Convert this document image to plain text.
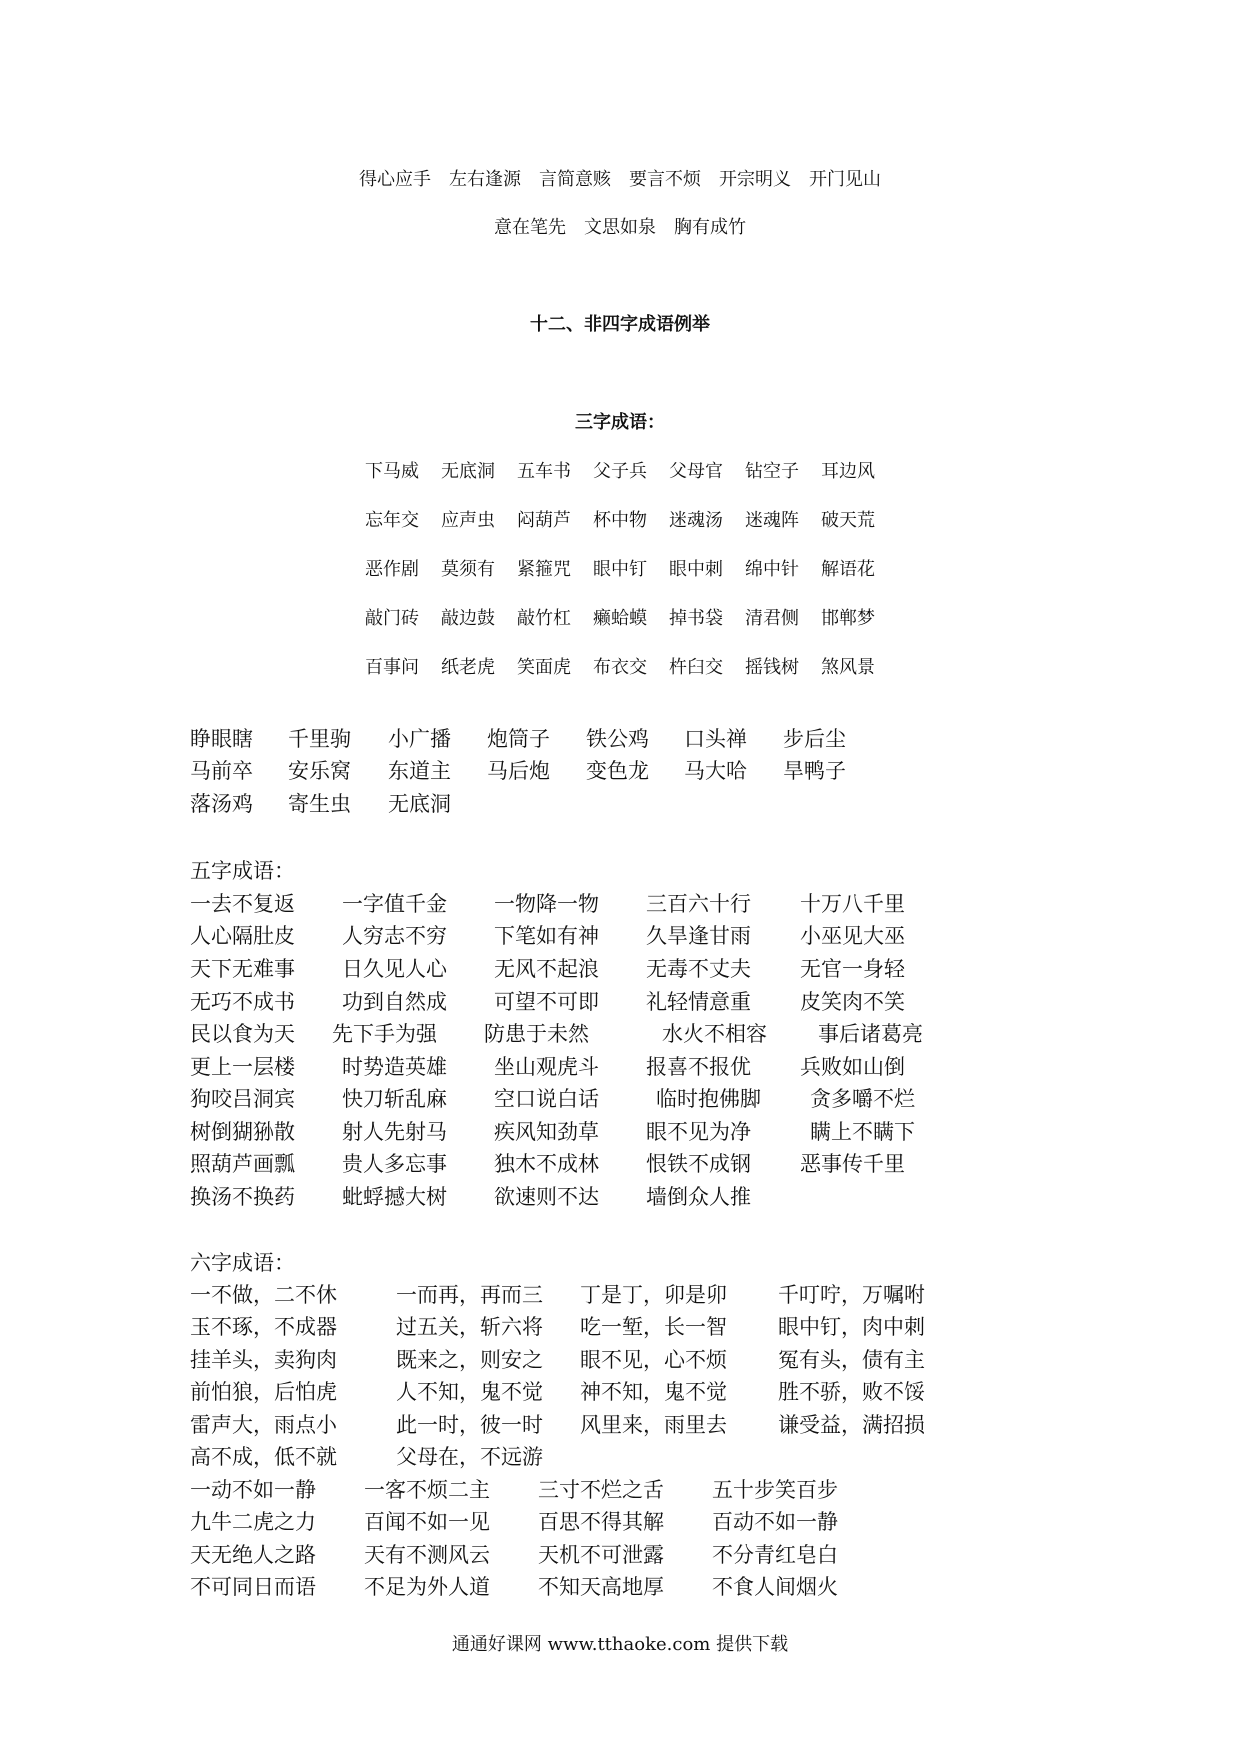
得心应手　左右逢源　言简意赅　要言不烦　开宗明义　开门见山
意在笔先　文思如泉　胸有成竹
十二、非四字成语例举
三字成语：
下马威 无底洞 五车书 父子兵 父母官 钻空子 耳边风
忘年交 应声虫 闷葫芦 杯中物 迷魂汤 迷魂阵 破天荒
恶作剧 莫须有 紧箍咒 眼中钉 眼中刺 绵中针 解语花
敲门砖 敲边鼓 敲竹杠 癞蛤蟆 掉书袋 清君侧 邯郸梦
百事问 纸老虎 笑面虎 布衣交 杵臼交 摇钱树 煞风景
睁眼瞎 千里驹 小广播 炮筒子 铁公鸡 口头禅 步后尘
马前卒 安乐窝 东道主 马后炮 变色龙 马大哈 旱鸭子
落汤鸡 寄生虫 无底洞
五字成语：
一去不复返 一字值千金 一物降一物 三百六十行 十万八千里
人心隔肚皮 人穷志不穷 下笔如有神 久旱逢甘雨 小巫见大巫
天下无难事 日久见人心 无风不起浪 无毒不丈夫 无官一身轻
无巧不成书 功到自然成 可望不可即 礼轻情意重 皮笑肉不笑
民以食为天 先下手为强 防患于未然	水火不相容 事后诸葛亮
更上一层楼 时势造英雄 坐山观虎斗 报喜不报优 兵败如山倒
狗咬吕洞宾 快刀斩乱麻 空口说白话	临时抱佛脚 贪多嚼不烂
树倒猢狲散 射人先射马 疾风知劲草 眼不见为净	瞒上不瞒下
照葫芦画瓢 贵人多忘事 独木不成林 恨铁不成钢 恶事传千里
换汤不换药 蚍蜉撼大树 欲速则不达 墙倒众人推
六字成语：
一不做，二不休	一而再，再而三 丁是丁，卯是卯 千叮咛，万嘱咐
玉不琢，不成器	过五关，斩六将 吃一堑，长一智 眼中钉，肉中刺
挂羊头，卖狗肉	既来之，则安之 眼不见，心不烦 冤有头，债有主
前怕狼，后怕虎	人不知，鬼不觉 神不知，鬼不觉 胜不骄，败不馁
雷声大，雨点小	此一时，彼一时 风里来，雨里去 谦受益，满招损
高不成，低不就	父母在，不远游
一动不如一静 一客不烦二主 三寸不烂之舌 五十步笑百步
九牛二虎之力 百闻不如一见 百思不得其解 百动不如一静
天无绝人之路 天有不测风云 天机不可泄露 不分青红皂白
不可同日而语 不足为外人道 不知天高地厚 不食人间烟火
通通好课网 www.tthaoke.com 提供下载
